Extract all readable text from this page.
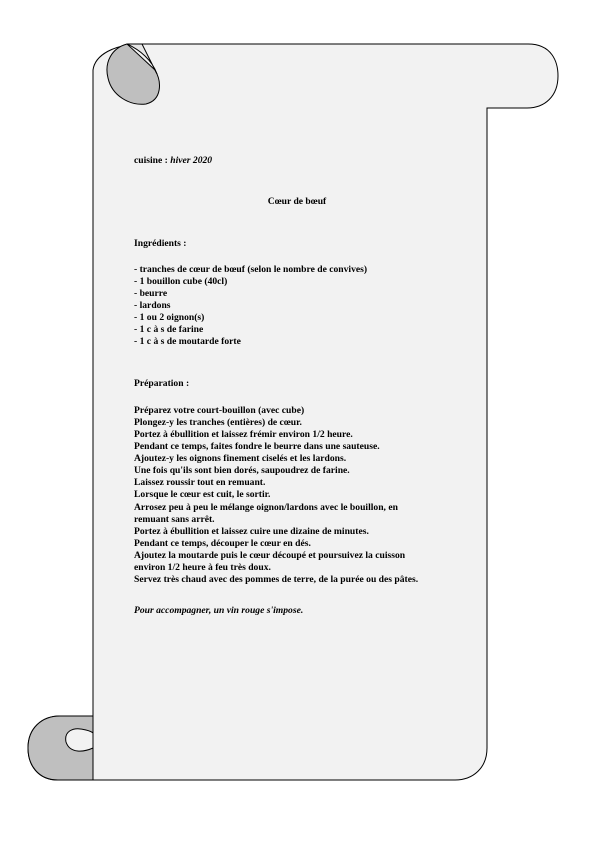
cuisine : hiver 2020
Cœur de bœuf
Ingrédients :
- tranches de cœur de bœuf (selon le nombre de convives)
- 1 bouillon cube (40cl)
- beurre
- lardons
- 1 ou 2 oignon(s)
- 1 c à s de farine
- 1 c à s de moutarde forte
Préparation :
Préparez votre court-bouillon (avec cube)
Plongez-y les tranches (entières) de cœur.
Portez à ébullition et laissez frémir environ 1/2 heure.
Pendant ce temps, faites fondre le beurre dans une sauteuse.
Ajoutez-y les oignons finement ciselés et les lardons.
Une fois qu'ils sont bien dorés, saupoudrez de farine.
Laissez roussir tout en remuant.
Lorsque le cœur est cuit, le sortir.
Arrosez peu à peu le mélange oignon/lardons avec le bouillon, en
remuant sans arrêt.
Portez à ébullition et laissez cuire une dizaine de minutes.
Pendant ce temps, découper le cœur en dés.
Ajoutez la moutarde puis le cœur découpé et poursuivez la cuisson
environ 1/2 heure à feu très doux.
Servez très chaud avec des pommes de terre, de la purée ou des pâtes.
Pour accompagner, un vin rouge s'impose.
